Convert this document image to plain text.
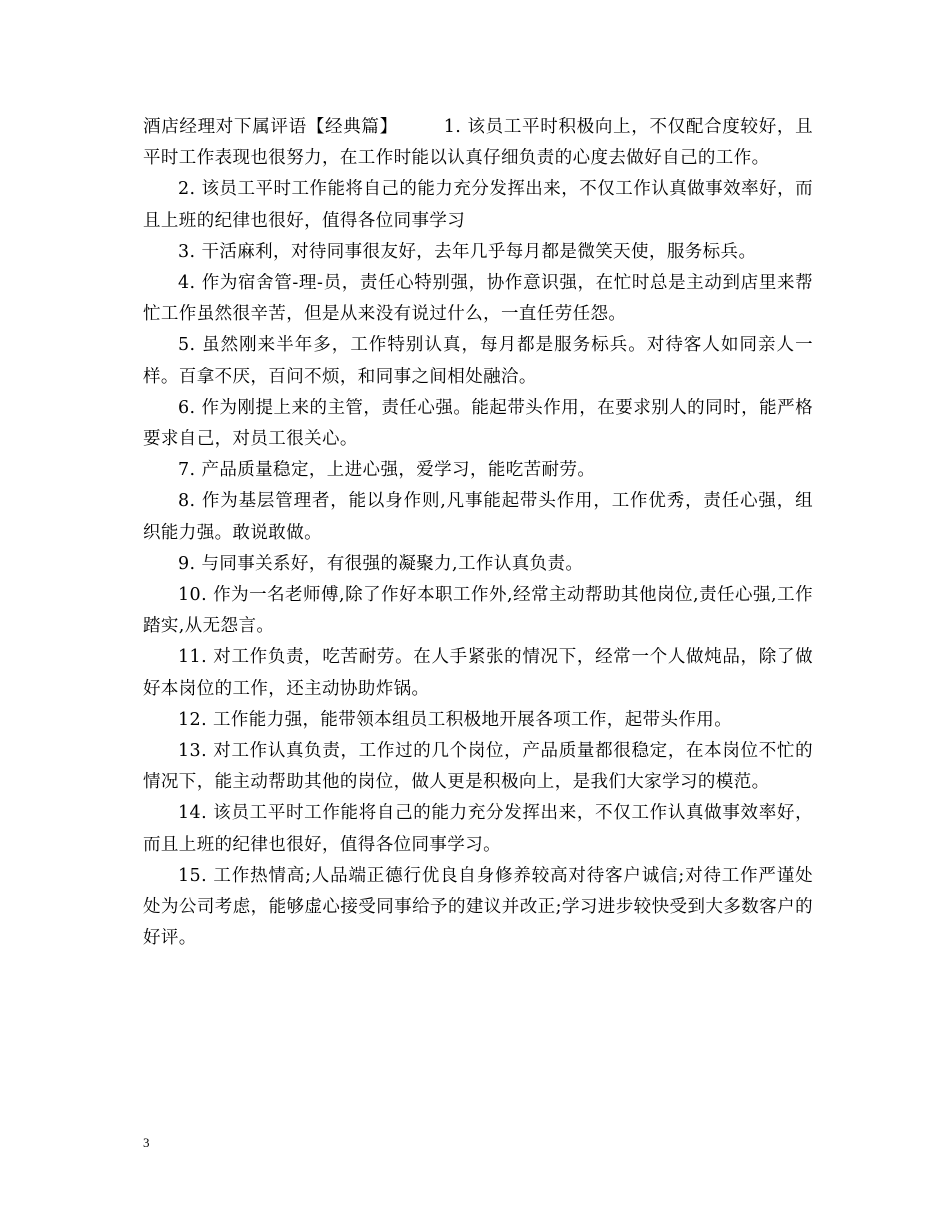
酒店经理对下属评语【经典篇】　　　1. 该员工平时积极向上，不仅配合度较好，且平时工作表现也很努力，在工作时能以认真仔细负责的心度去做好自己的工作。

2. 该员工平时工作能将自己的能力充分发挥出来，不仅工作认真做事效率好，而且上班的纪律也很好，值得各位同事学习

3. 干活麻利，对待同事很友好，去年几乎每月都是微笑天使，服务标兵。

4. 作为宿舍管-理-员，责任心特别强，协作意识强，在忙时总是主动到店里来帮忙工作虽然很辛苦，但是从来没有说过什么，一直任劳任怨。

5. 虽然刚来半年多，工作特别认真，每月都是服务标兵。对待客人如同亲人一样。百拿不厌，百问不烦，和同事之间相处融洽。

6. 作为刚提上来的主管，责任心强。能起带头作用，在要求别人的同时，能严格要求自己，对员工很关心。

7. 产品质量稳定，上进心强，爱学习，能吃苦耐劳。

8. 作为基层管理者，能以身作则,凡事能起带头作用，工作优秀，责任心强，组织能力强。敢说敢做。

9. 与同事关系好，有很强的凝聚力,工作认真负责。

10. 作为一名老师傅,除了作好本职工作外,经常主动帮助其他岗位,责任心强,工作踏实,从无怨言。

11. 对工作负责，吃苦耐劳。在人手紧张的情况下，经常一个人做炖品，除了做好本岗位的工作，还主动协助炸锅。

12. 工作能力强，能带领本组员工积极地开展各项工作，起带头作用。

13. 对工作认真负责，工作过的几个岗位，产品质量都很稳定，在本岗位不忙的情况下，能主动帮助其他的岗位，做人更是积极向上，是我们大家学习的模范。

14. 该员工平时工作能将自己的能力充分发挥出来，不仅工作认真做事效率好，而且上班的纪律也很好，值得各位同事学习。

15. 工作热情高;人品端正德行优良自身修养较高对待客户诚信;对待工作严谨处处为公司考虑，能够虚心接受同事给予的建议并改正;学习进步较快受到大多数客户的好评。

3
